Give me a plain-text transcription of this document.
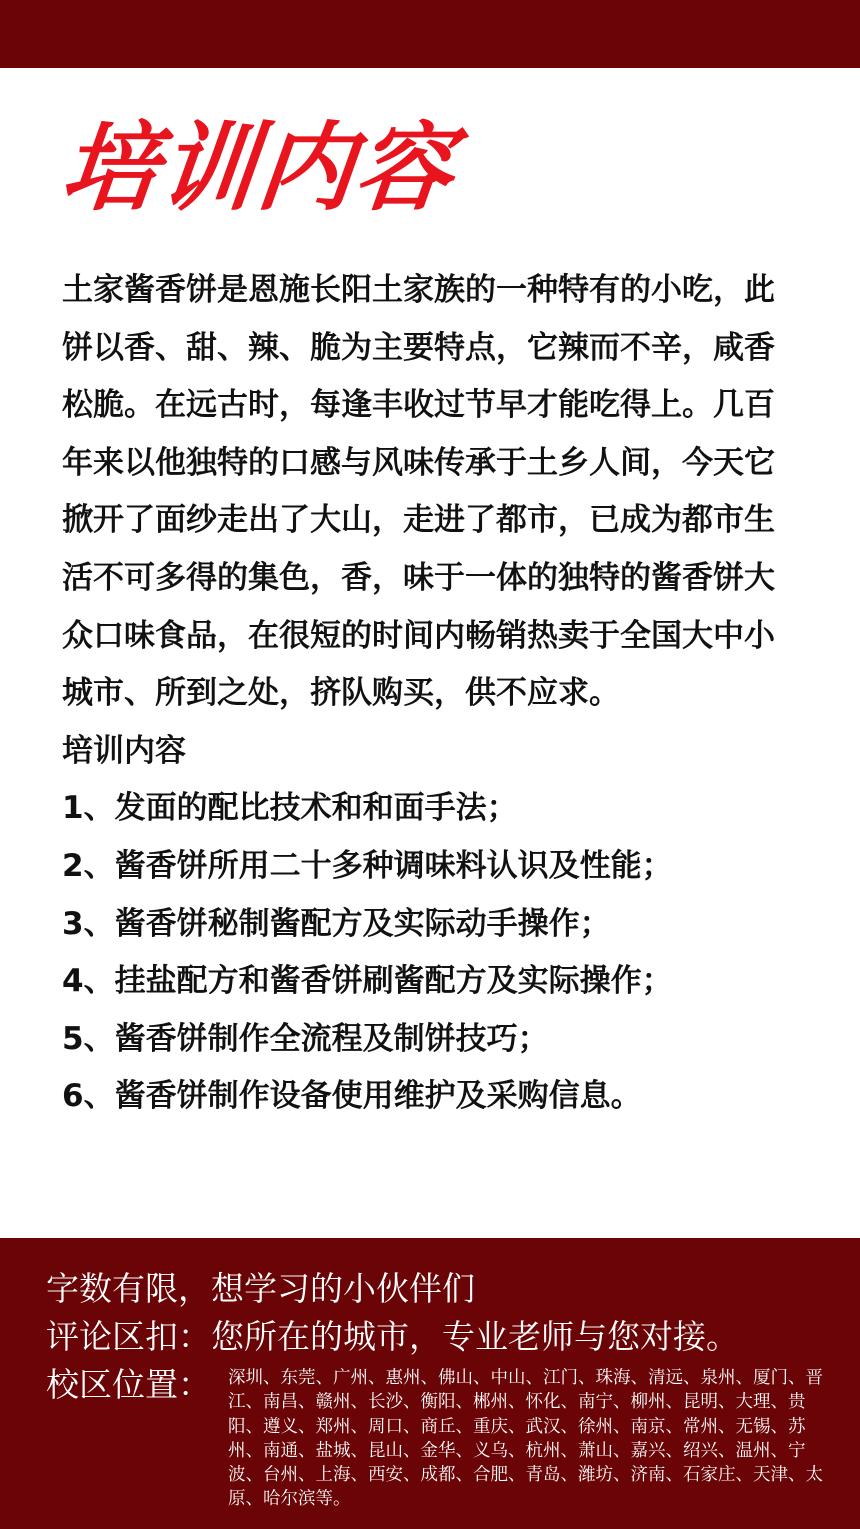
培训内容

土家酱香饼是恩施长阳土家族的一种特有的小吃，此饼以香、甜、辣、脆为主要特点，它辣而不辛，咸香松脆。在远古时，每逢丰收过节早才能吃得上。几百年来以他独特的口感与风味传承于土乡人间，今天它掀开了面纱走出了大山，走进了都市，已成为都市生活不可多得的集色，香，味于一体的独特的酱香饼大众口味食品，在很短的时间内畅销热卖于全国大中小城市、所到之处，挤队购买，供不应求。

培训内容

1、发面的配比技术和和面手法；

2、酱香饼所用二十多种调味料认识及性能；

3、酱香饼秘制酱配方及实际动手操作；

4、挂盐配方和酱香饼刷酱配方及实际操作；

5、酱香饼制作全流程及制饼技巧；

6、酱香饼制作设备使用维护及采购信息。

字数有限，想学习的小伙伴们
评论区扣：您所在的城市，专业老师与您对接。
校区位置： 深圳、东莞、广州、惠州、佛山、中山、江门、珠海、清远、泉州、厦门、晋江、南昌、赣州、长沙、衡阳、郴州、怀化、南宁、柳州、昆明、大理、贵阳、遵义、郑州、周口、商丘、重庆、武汉、徐州、南京、常州、无锡、苏州、南通、盐城、昆山、金华、义乌、杭州、萧山、嘉兴、绍兴、温州、宁波、台州、上海、西安、成都、合肥、青岛、潍坊、济南、石家庄、天津、太原、哈尔滨等。
